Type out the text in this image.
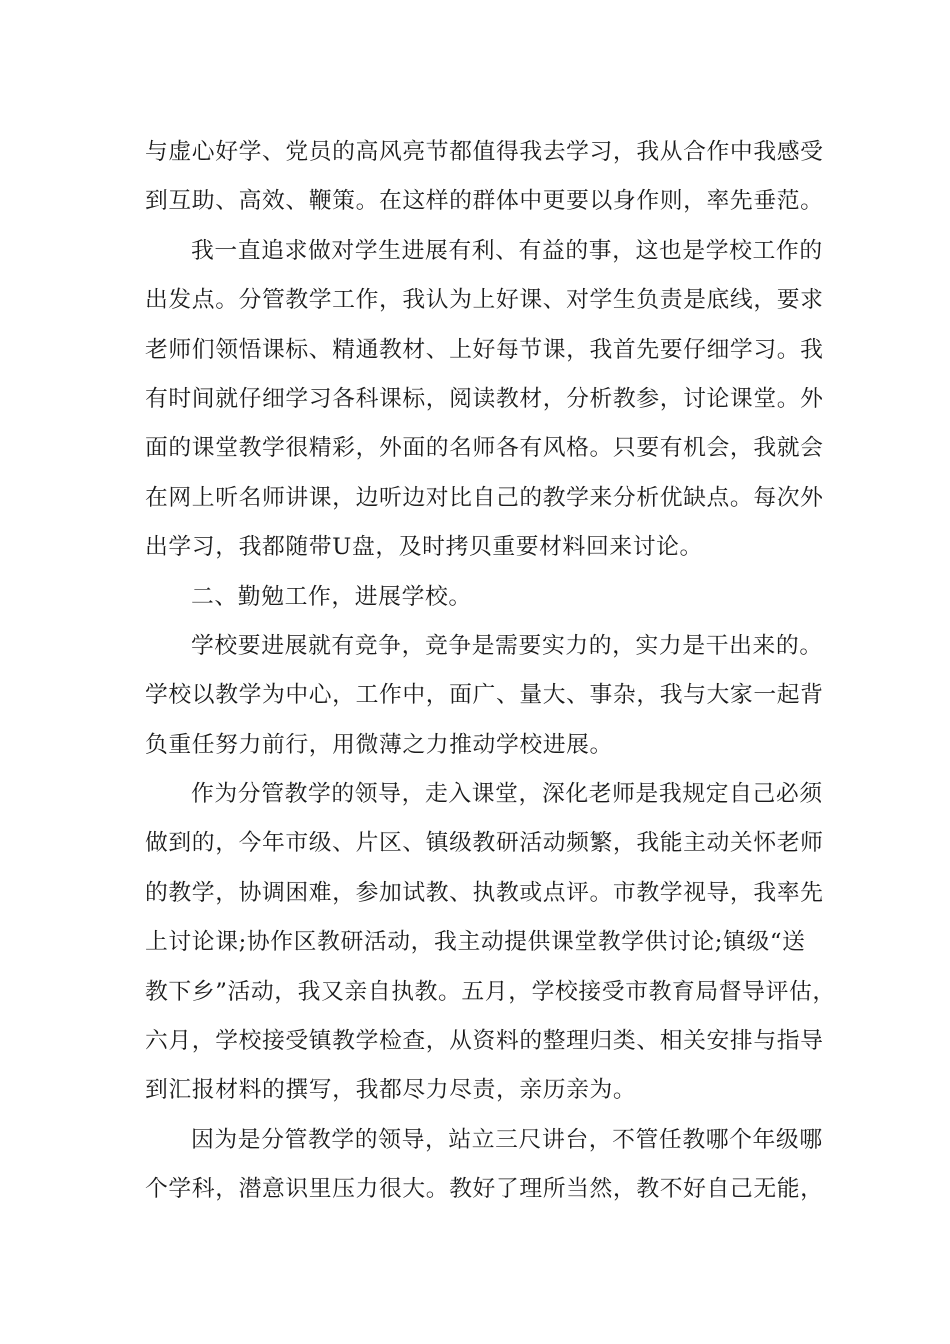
与虚心好学、党员的高风亮节都值得我去学习，我从合作中我感受
到互助、高效、鞭策。在这样的群体中更要以身作则，率先垂范。
我一直追求做对学生进展有利、有益的事，这也是学校工作的
出发点。分管教学工作，我认为上好课、对学生负责是底线，要求
老师们领悟课标、精通教材、上好每节课，我首先要仔细学习。我
有时间就仔细学习各科课标，阅读教材，分析教参，讨论课堂。外
面的课堂教学很精彩，外面的名师各有风格。只要有机会，我就会
在网上听名师讲课，边听边对比自己的教学来分析优缺点。每次外
出学习，我都随带U盘，及时拷贝重要材料回来讨论。
二、勤勉工作，进展学校。
学校要进展就有竞争，竞争是需要实力的，实力是干出来的。
学校以教学为中心，工作中，面广、量大、事杂，我与大家一起背
负重任努力前行，用微薄之力推动学校进展。
作为分管教学的领导，走入课堂，深化老师是我规定自己必须
做到的，今年市级、片区、镇级教研活动频繁，我能主动关怀老师
的教学，协调困难，参加试教、执教或点评。市教学视导，我率先
上讨论课;协作区教研活动，我主动提供课堂教学供讨论;镇级“送
教下乡”活动，我又亲自执教。五月，学校接受市教育局督导评估，
六月，学校接受镇教学检查，从资料的整理归类、相关安排与指导
到汇报材料的撰写，我都尽力尽责，亲历亲为。
因为是分管教学的领导，站立三尺讲台，不管任教哪个年级哪
个学科，潜意识里压力很大。教好了理所当然，教不好自己无能，
